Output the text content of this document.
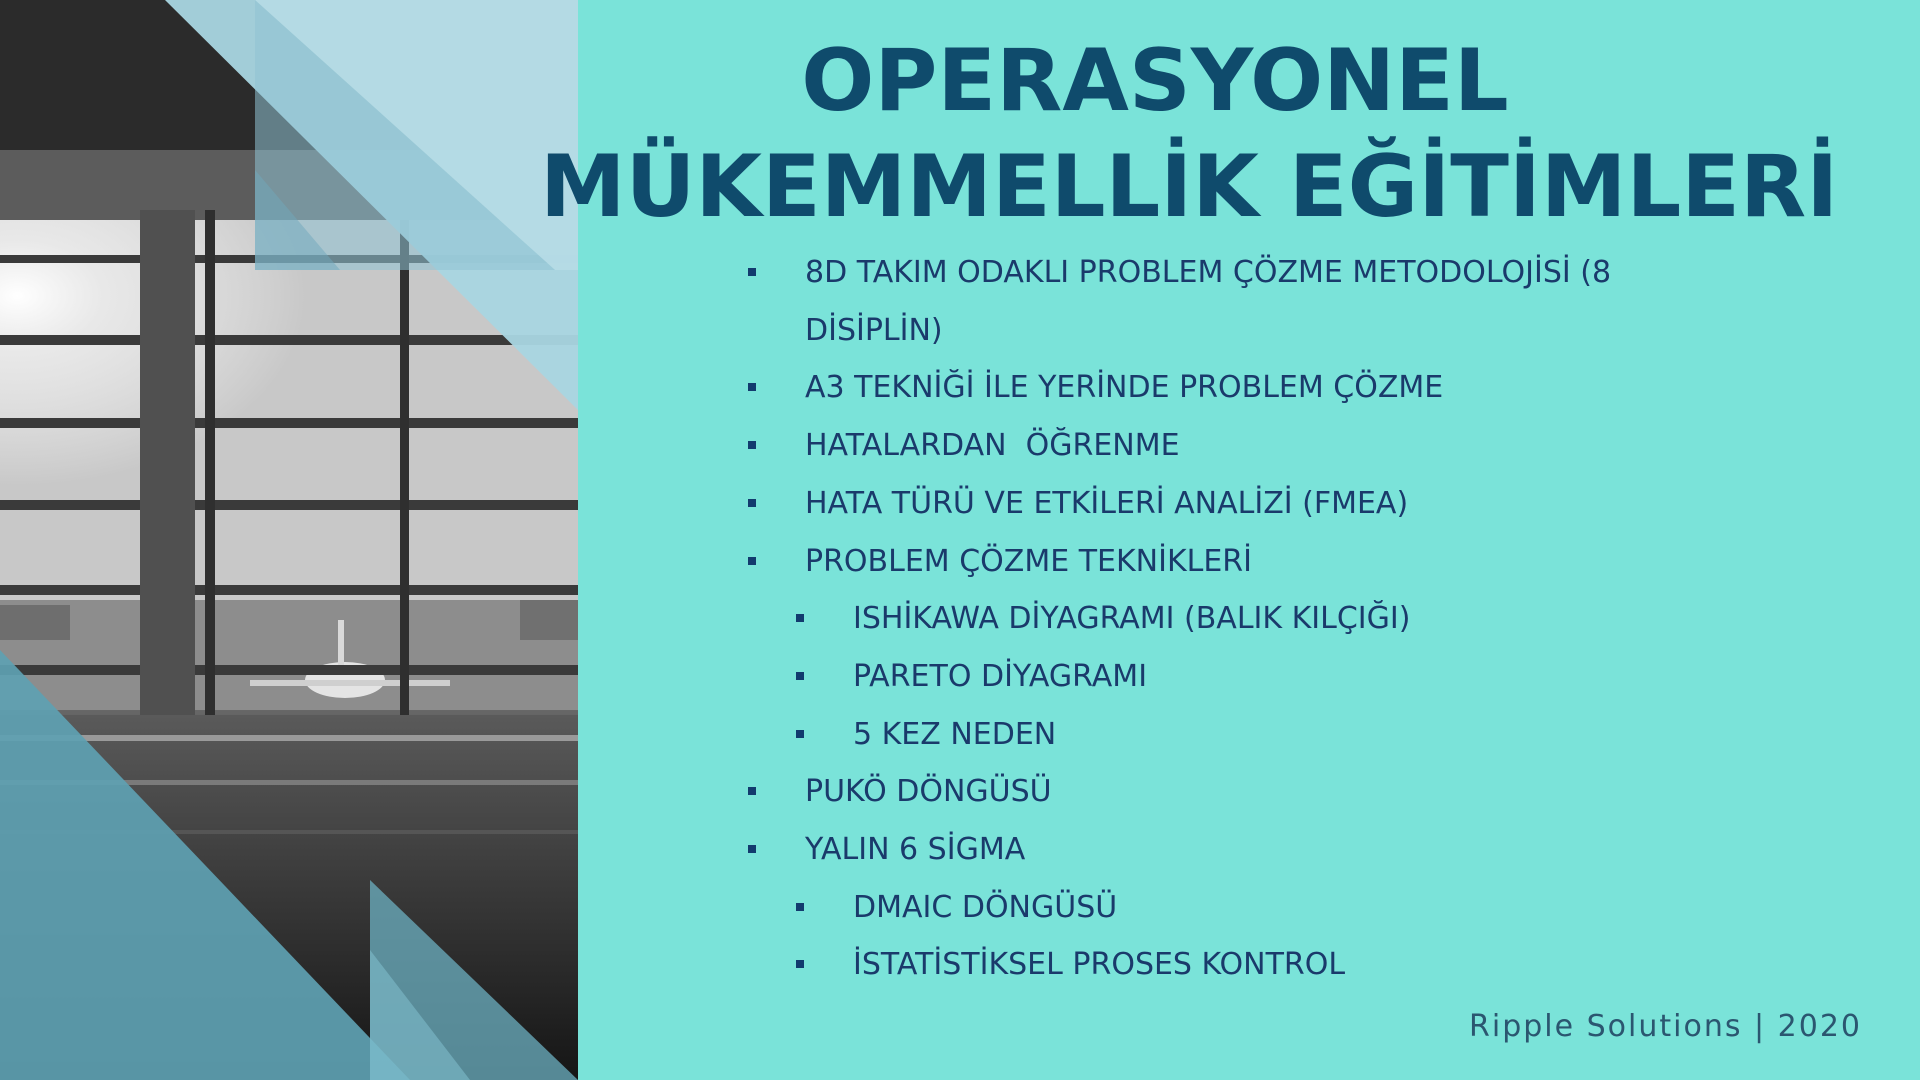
OPERASYONEL
MÜKEMMELLİK EĞİTİMLERİ
8D TAKIM ODAKLI PROBLEM ÇÖZME METODOLOJİSİ (8 DİSİPLİN)
A3 TEKNİĞİ İLE YERİNDE PROBLEM ÇÖZME
HATALARDAN  ÖĞRENME
HATA TÜRÜ VE ETKİLERİ ANALİZİ (FMEA)
PROBLEM ÇÖZME TEKNİKLERİ
ISHİKAWA DİYAGRAMI (BALIK KILÇIĞI)
PARETO DİYAGRAMI
5 KEZ NEDEN
PUKÖ DÖNGÜSÜ
YALIN 6 SİGMA
DMAIC DÖNGÜSÜ
İSTATİSTİKSEL PROSES KONTROL
Ripple Solutions | 2020
